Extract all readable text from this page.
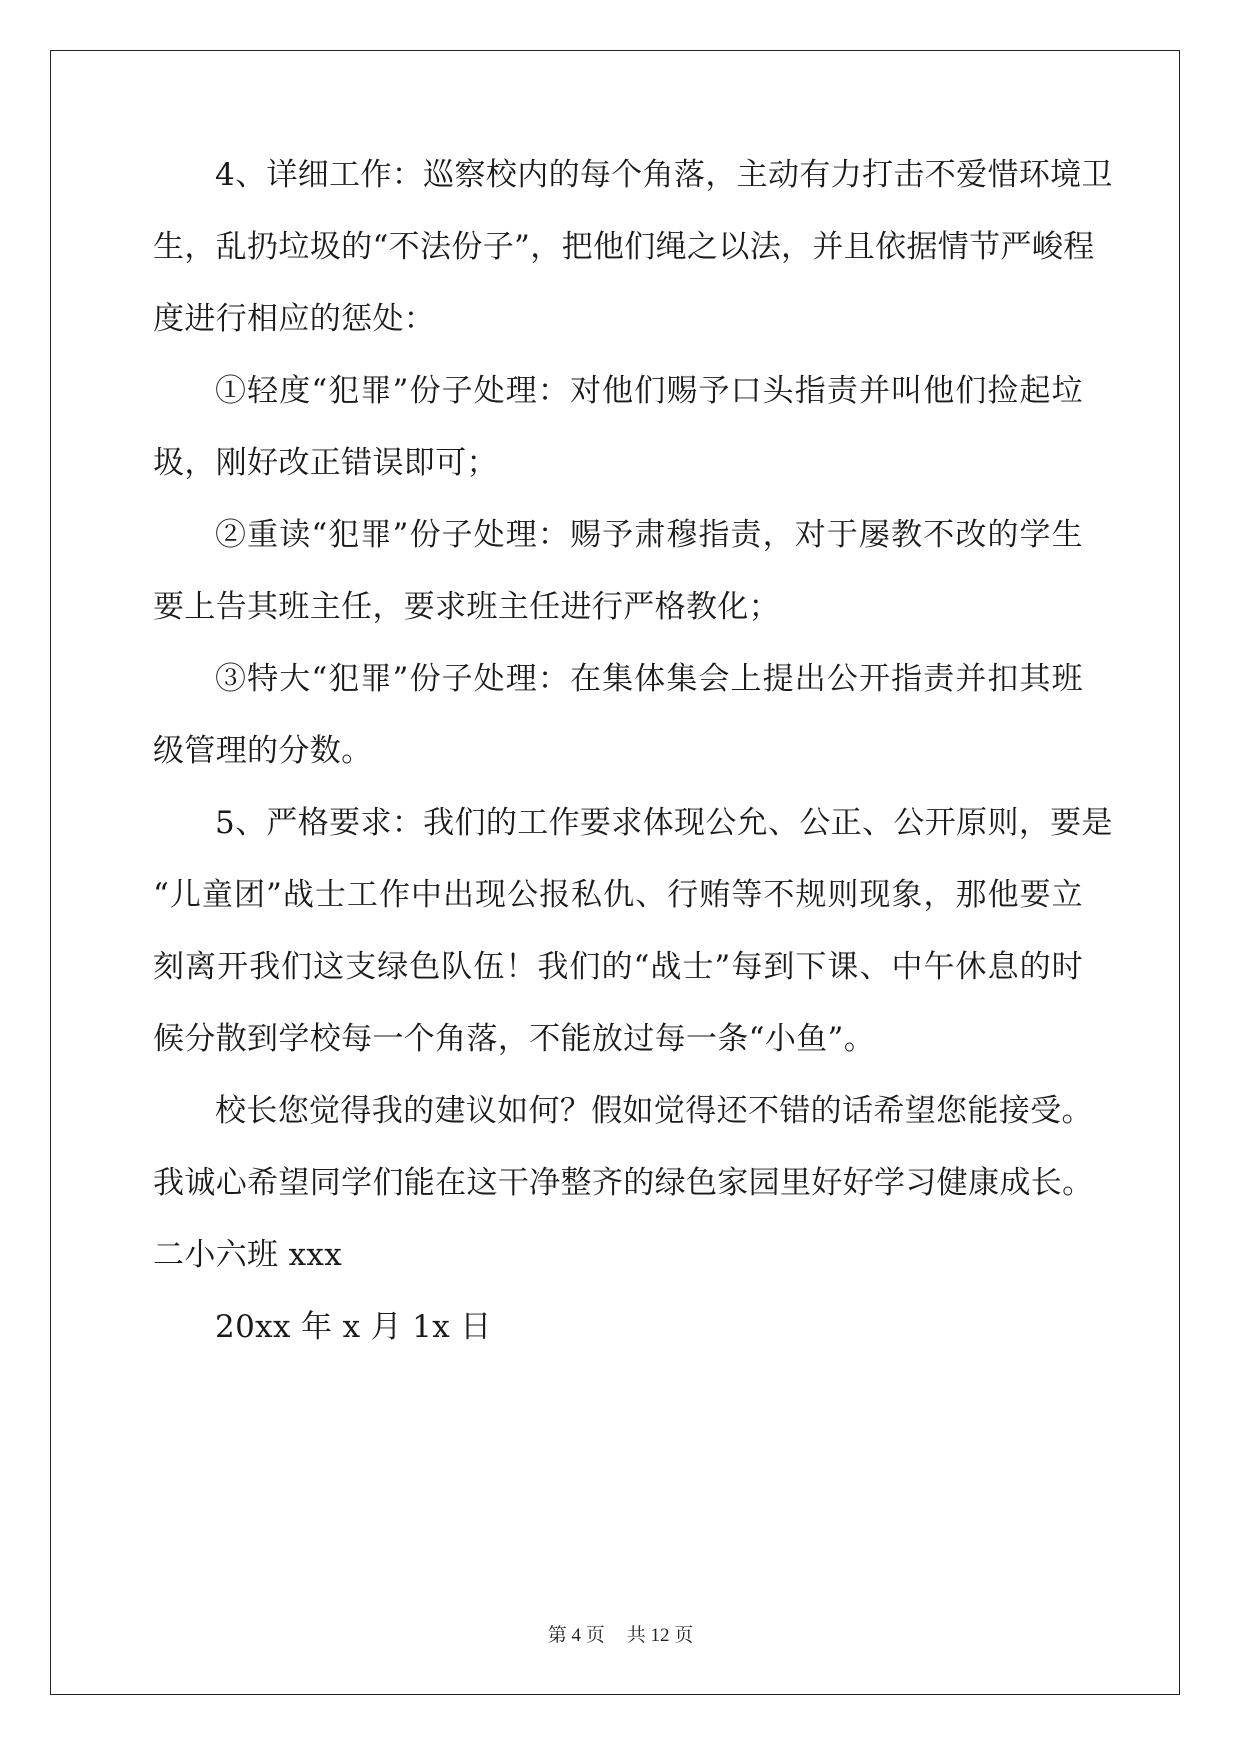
4、详细工作：巡察校内的每个角落，主动有力打击不爱惜环境卫
生，乱扔垃圾的“不法份子”，把他们绳之以法，并且依据情节严峻程
度进行相应的惩处：
①轻度“犯罪”份子处理：对他们赐予口头指责并叫他们捡起垃
圾，刚好改正错误即可；
②重读“犯罪”份子处理：赐予肃穆指责，对于屡教不改的学生
要上告其班主任，要求班主任进行严格教化；
③特大“犯罪”份子处理：在集体集会上提出公开指责并扣其班
级管理的分数。
5、严格要求：我们的工作要求体现公允、公正、公开原则，要是
“儿童团”战士工作中出现公报私仇、行贿等不规则现象，那他要立
刻离开我们这支绿色队伍！我们的“战士”每到下课、中午休息的时
候分散到学校每一个角落，不能放过每一条“小鱼”。
校长您觉得我的建议如何？假如觉得还不错的话希望您能接受。
我诚心希望同学们能在这干净整齐的绿色家园里好好学习健康成长。
二小六班 xxx
20xx 年 x 月 1x 日
第 4 页 共 12 页
